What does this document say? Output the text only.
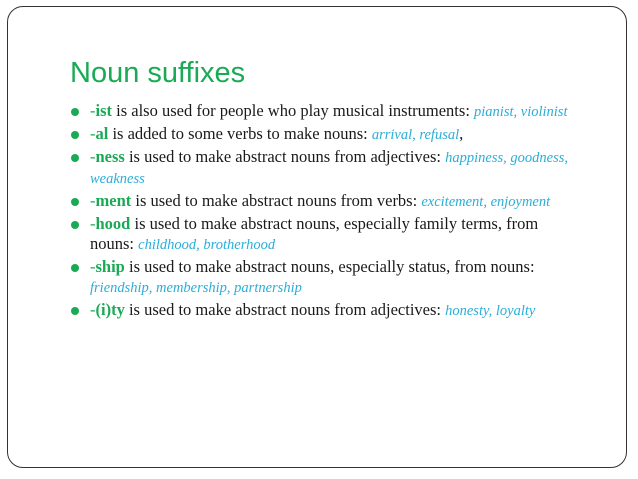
Noun suffixes
-ist is also used for people who play musical instruments: pianist, violinist
-al is added to some verbs to make nouns: arrival, refusal,
-ness is used to make abstract nouns from adjectives: happiness, goodness, weakness
-ment is used to make abstract nouns from verbs: excitement, enjoyment
-hood is used to make abstract nouns, especially family terms, from nouns: childhood, brotherhood
-ship is used to make abstract nouns, especially status, from nouns: friendship, membership, partnership
-(i)ty is used to make abstract nouns from adjectives: honesty, loyalty
